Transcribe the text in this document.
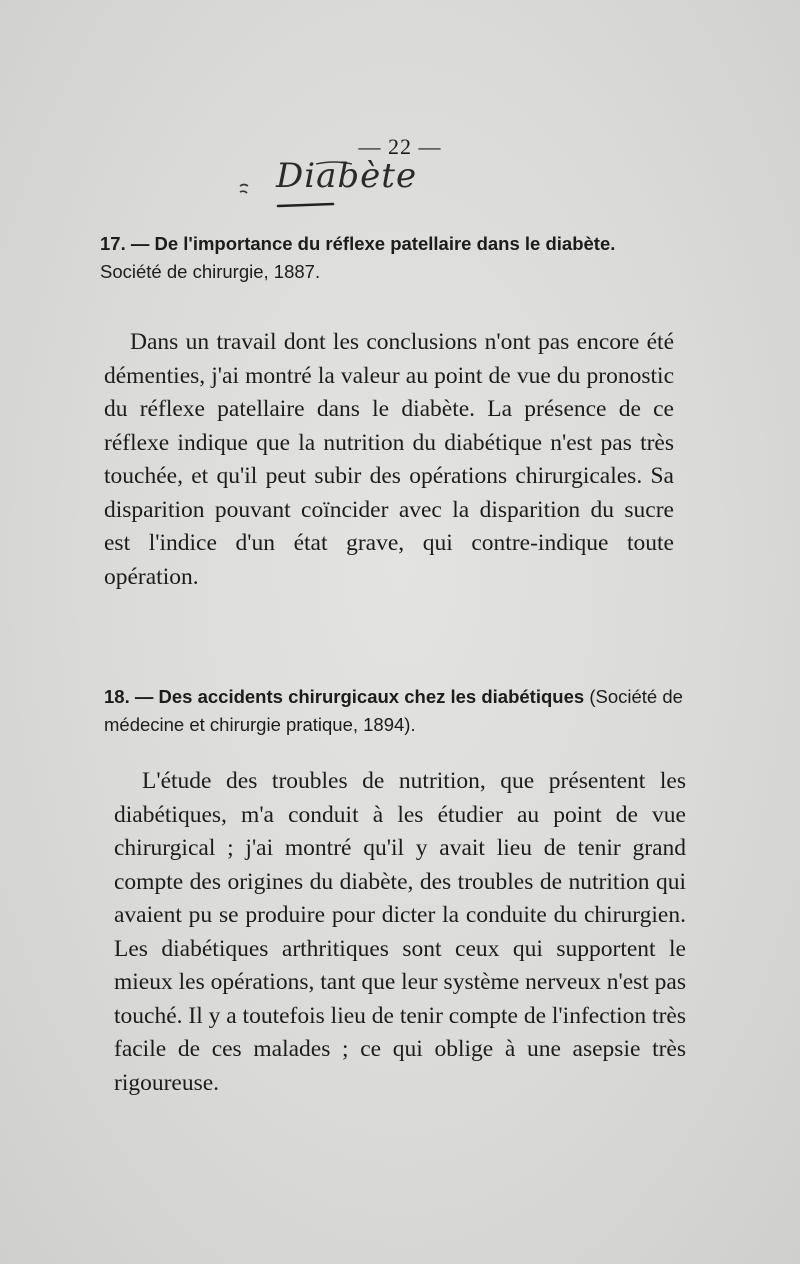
— 22 —
Diabète
17. — De l'importance du réflexe patellaire dans le diabète.
Société de chirurgie, 1887.
Dans un travail dont les conclusions n'ont pas encore été démenties, j'ai montré la valeur au point de vue du pronostic du réflexe patellaire dans le diabète. La présence de ce réflexe indique que la nutrition du diabétique n'est pas très touchée, et qu'il peut subir des opérations chirurgicales. Sa disparition pouvant coïncider avec la disparition du sucre est l'indice d'un état grave, qui contre-indique toute opération.
18. — Des accidents chirurgicaux chez les diabétiques (Société de médecine et chirurgie pratique, 1894).
L'étude des troubles de nutrition, que présentent les diabétiques, m'a conduit à les étudier au point de vue chirurgical ; j'ai montré qu'il y avait lieu de tenir grand compte des origines du diabète, des troubles de nutrition qui avaient pu se produire pour dicter la conduite du chirurgien. Les diabétiques arthritiques sont ceux qui supportent le mieux les opérations, tant que leur système nerveux n'est pas touché. Il y a toutefois lieu de tenir compte de l'infection très facile de ces malades ; ce qui oblige à une asepsie très rigoureuse.
